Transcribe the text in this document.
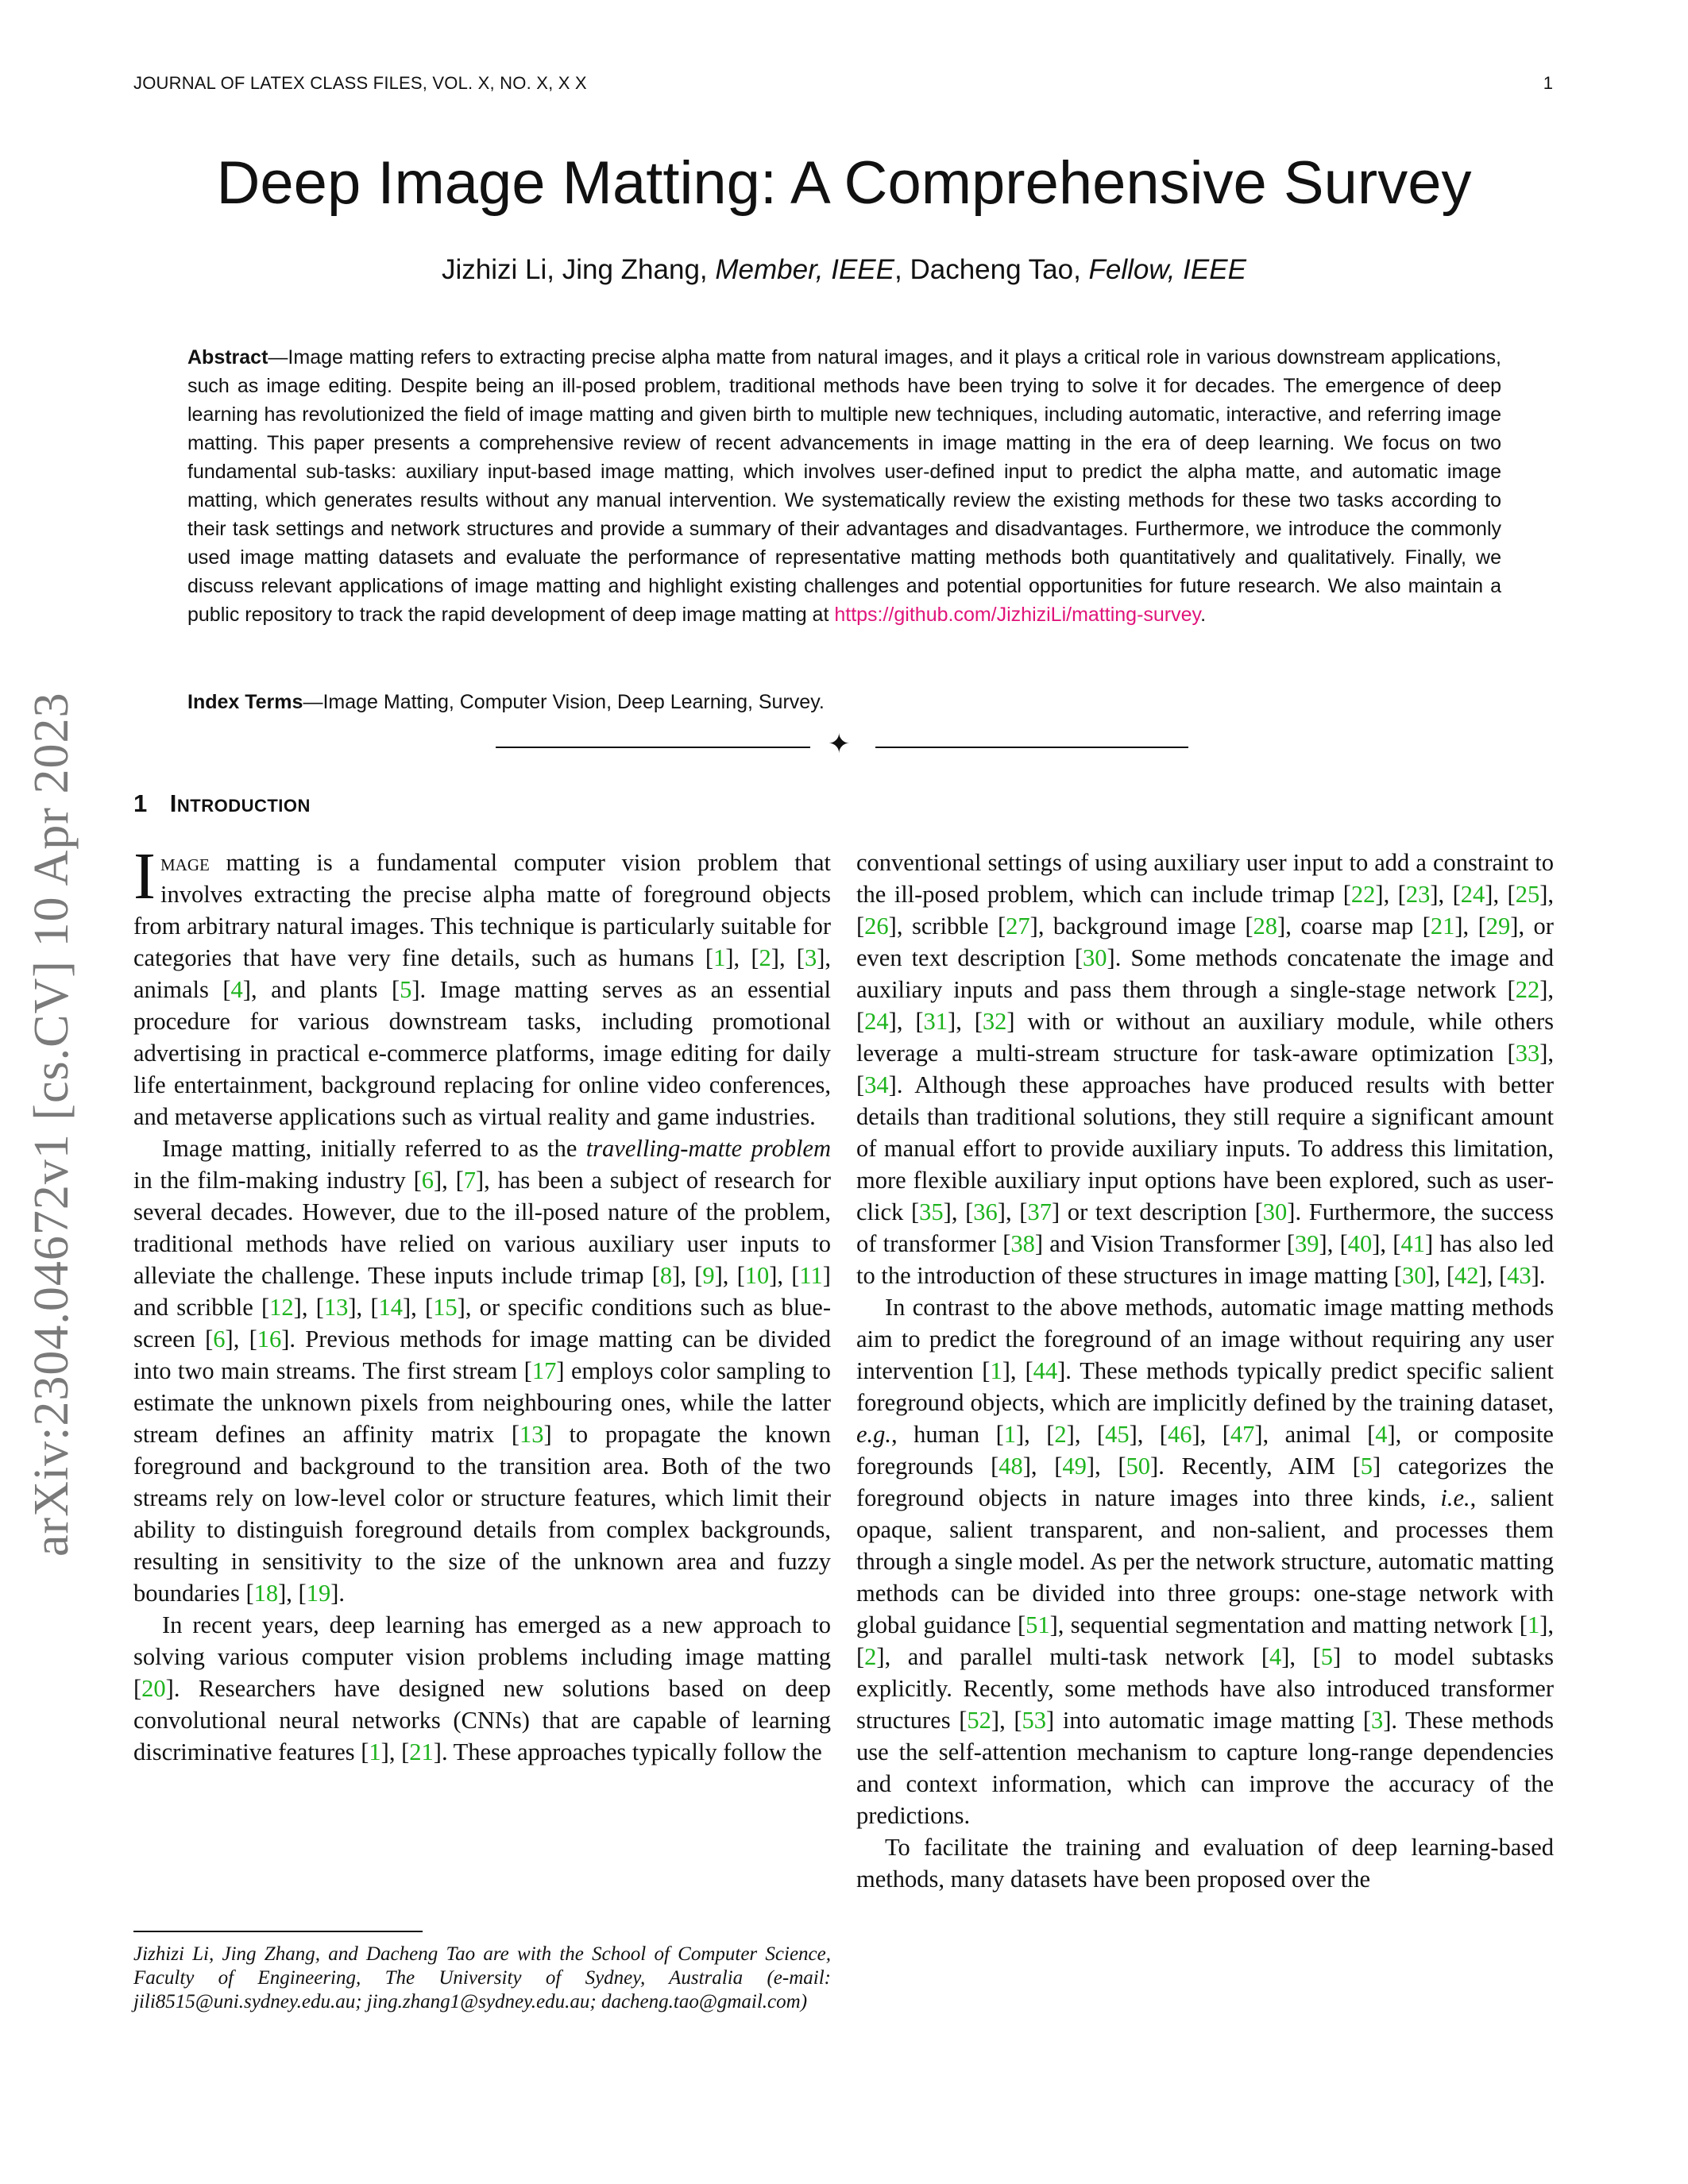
JOURNAL OF LATEX CLASS FILES, VOL. X, NO. X, X X	1
Deep Image Matting: A Comprehensive Survey
Jizhizi Li, Jing Zhang, Member, IEEE, Dacheng Tao, Fellow, IEEE
Abstract—Image matting refers to extracting precise alpha matte from natural images, and it plays a critical role in various downstream applications, such as image editing. Despite being an ill-posed problem, traditional methods have been trying to solve it for decades. The emergence of deep learning has revolutionized the field of image matting and given birth to multiple new techniques, including automatic, interactive, and referring image matting. This paper presents a comprehensive review of recent advancements in image matting in the era of deep learning. We focus on two fundamental sub-tasks: auxiliary input-based image matting, which involves user-defined input to predict the alpha matte, and automatic image matting, which generates results without any manual intervention. We systematically review the existing methods for these two tasks according to their task settings and network structures and provide a summary of their advantages and disadvantages. Furthermore, we introduce the commonly used image matting datasets and evaluate the performance of representative matting methods both quantitatively and qualitatively. Finally, we discuss relevant applications of image matting and highlight existing challenges and potential opportunities for future research. We also maintain a public repository to track the rapid development of deep image matting at https://github.com/JizhiziLi/matting-survey.
Index Terms—Image Matting, Computer Vision, Deep Learning, Survey.
✦
arXiv:2304.04672v1 [cs.CV] 10 Apr 2023 1 Introduction

Image matting is a fundamental computer vision problem that involves extracting the precise alpha matte of foreground objects from arbitrary natural images. This technique is particularly suitable for categories that have very fine details, such as humans [1], [2], [3], animals [4], and plants [5]. Image matting serves as an essential procedure for various downstream tasks, including promotional advertising in practical e-commerce platforms, image editing for daily life entertainment, background replacing for online video conferences, and metaverse applications such as virtual reality and game industries.

Image matting, initially referred to as the travelling-matte problem in the film-making industry [6], [7], has been a subject of research for several decades. However, due to the ill-posed nature of the problem, traditional methods have relied on various auxiliary user inputs to alleviate the challenge. These inputs include trimap [8], [9], [10], [11] and scribble [12], [13], [14], [15], or specific conditions such as blue-screen [6], [16]. Previous methods for image matting can be divided into two main streams. The first stream [17] employs color sampling to estimate the unknown pixels from neighbouring ones, while the latter stream defines an affinity matrix [13] to propagate the known foreground and background to the transition area. Both of the two streams rely on low-level color or structure features, which limit their ability to distinguish foreground details from complex backgrounds, resulting in sensitivity to the size of the unknown area and fuzzy boundaries [18], [19].

In recent years, deep learning has emerged as a new approach to solving various computer vision problems including image matting [20]. Researchers have designed new solutions based on deep convolutional neural networks (CNNs) that are capable of learning discriminative features [1], [21]. These approaches typically follow the

conventional settings of using auxiliary user input to add a constraint to the ill-posed problem, which can include trimap [22], [23], [24], [25], [26], scribble [27], background image [28], coarse map [21], [29], or even text description [30]. Some methods concatenate the image and auxiliary inputs and pass them through a single-stage network [22], [24], [31], [32] with or without an auxiliary module, while others leverage a multi-stream structure for task-aware optimization [33], [34]. Although these approaches have produced results with better details than traditional solutions, they still require a significant amount of manual effort to provide auxiliary inputs. To address this limitation, more flexible auxiliary input options have been explored, such as user-click [35], [36], [37] or text description [30]. Furthermore, the success of transformer [38] and Vision Transformer [39], [40], [41] has also led to the introduction of these structures in image matting [30], [42], [43].

In contrast to the above methods, automatic image matting methods aim to predict the foreground of an image without requiring any user intervention [1], [44]. These methods typically predict specific salient foreground objects, which are implicitly defined by the training dataset, e.g., human [1], [2], [45], [46], [47], animal [4], or composite foregrounds [48], [49], [50]. Recently, AIM [5] categorizes the foreground objects in nature images into three kinds, i.e., salient opaque, salient transparent, and non-salient, and processes them through a single model. As per the network structure, automatic matting methods can be divided into three groups: one-stage network with global guidance [51], sequential segmentation and matting network [1], [2], and parallel multi-task network [4], [5] to model subtasks explicitly. Recently, some methods have also introduced transformer structures [52], [53] into automatic image matting [3]. These methods use the self-attention mechanism to capture long-range dependencies and context information, which can improve the accuracy of the predictions.

To facilitate the training and evaluation of deep learning-based methods, many datasets have been proposed over the

Jizhizi Li, Jing Zhang, and Dacheng Tao are with the School of Computer Science, Faculty of Engineering, The University of Sydney, Australia (e-mail: jili8515@uni.sydney.edu.au; jing.zhang1@sydney.edu.au; dacheng.tao@gmail.com)
